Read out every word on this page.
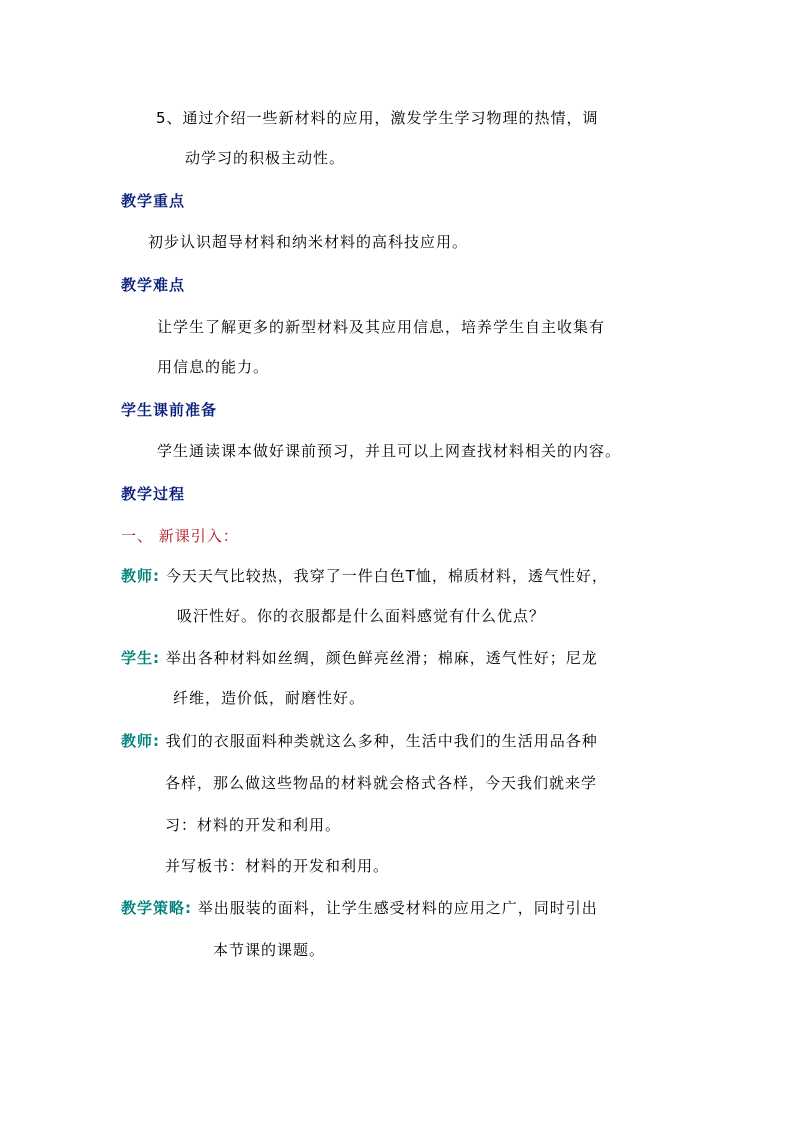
5、通过介绍一些新材料的应用，激发学生学习物理的热情，调
动学习的积极主动性。
教学重点
初步认识超导材料和纳米材料的高科技应用。
教学难点
让学生了解更多的新型材料及其应用信息，培养学生自主收集有
用信息的能力。
学生课前准备
学生通读课本做好课前预习，并且可以上网查找材料相关的内容。
教学过程
一、 新课引入：
教师: 今天天气比较热，我穿了一件白色T恤，棉质材料，透气性好，
吸汗性好。你的衣服都是什么面料感觉有什么优点？
学生: 举出各种材料如丝绸，颜色鲜亮丝滑；棉麻，透气性好；尼龙
纤维，造价低，耐磨性好。
教师: 我们的衣服面料种类就这么多种，生活中我们的生活用品各种
各样，那么做这些物品的材料就会格式各样，今天我们就来学
习：材料的开发和利用。
并写板书：材料的开发和利用。
教学策略: 举出服装的面料，让学生感受材料的应用之广，同时引出
本节课的课题。
